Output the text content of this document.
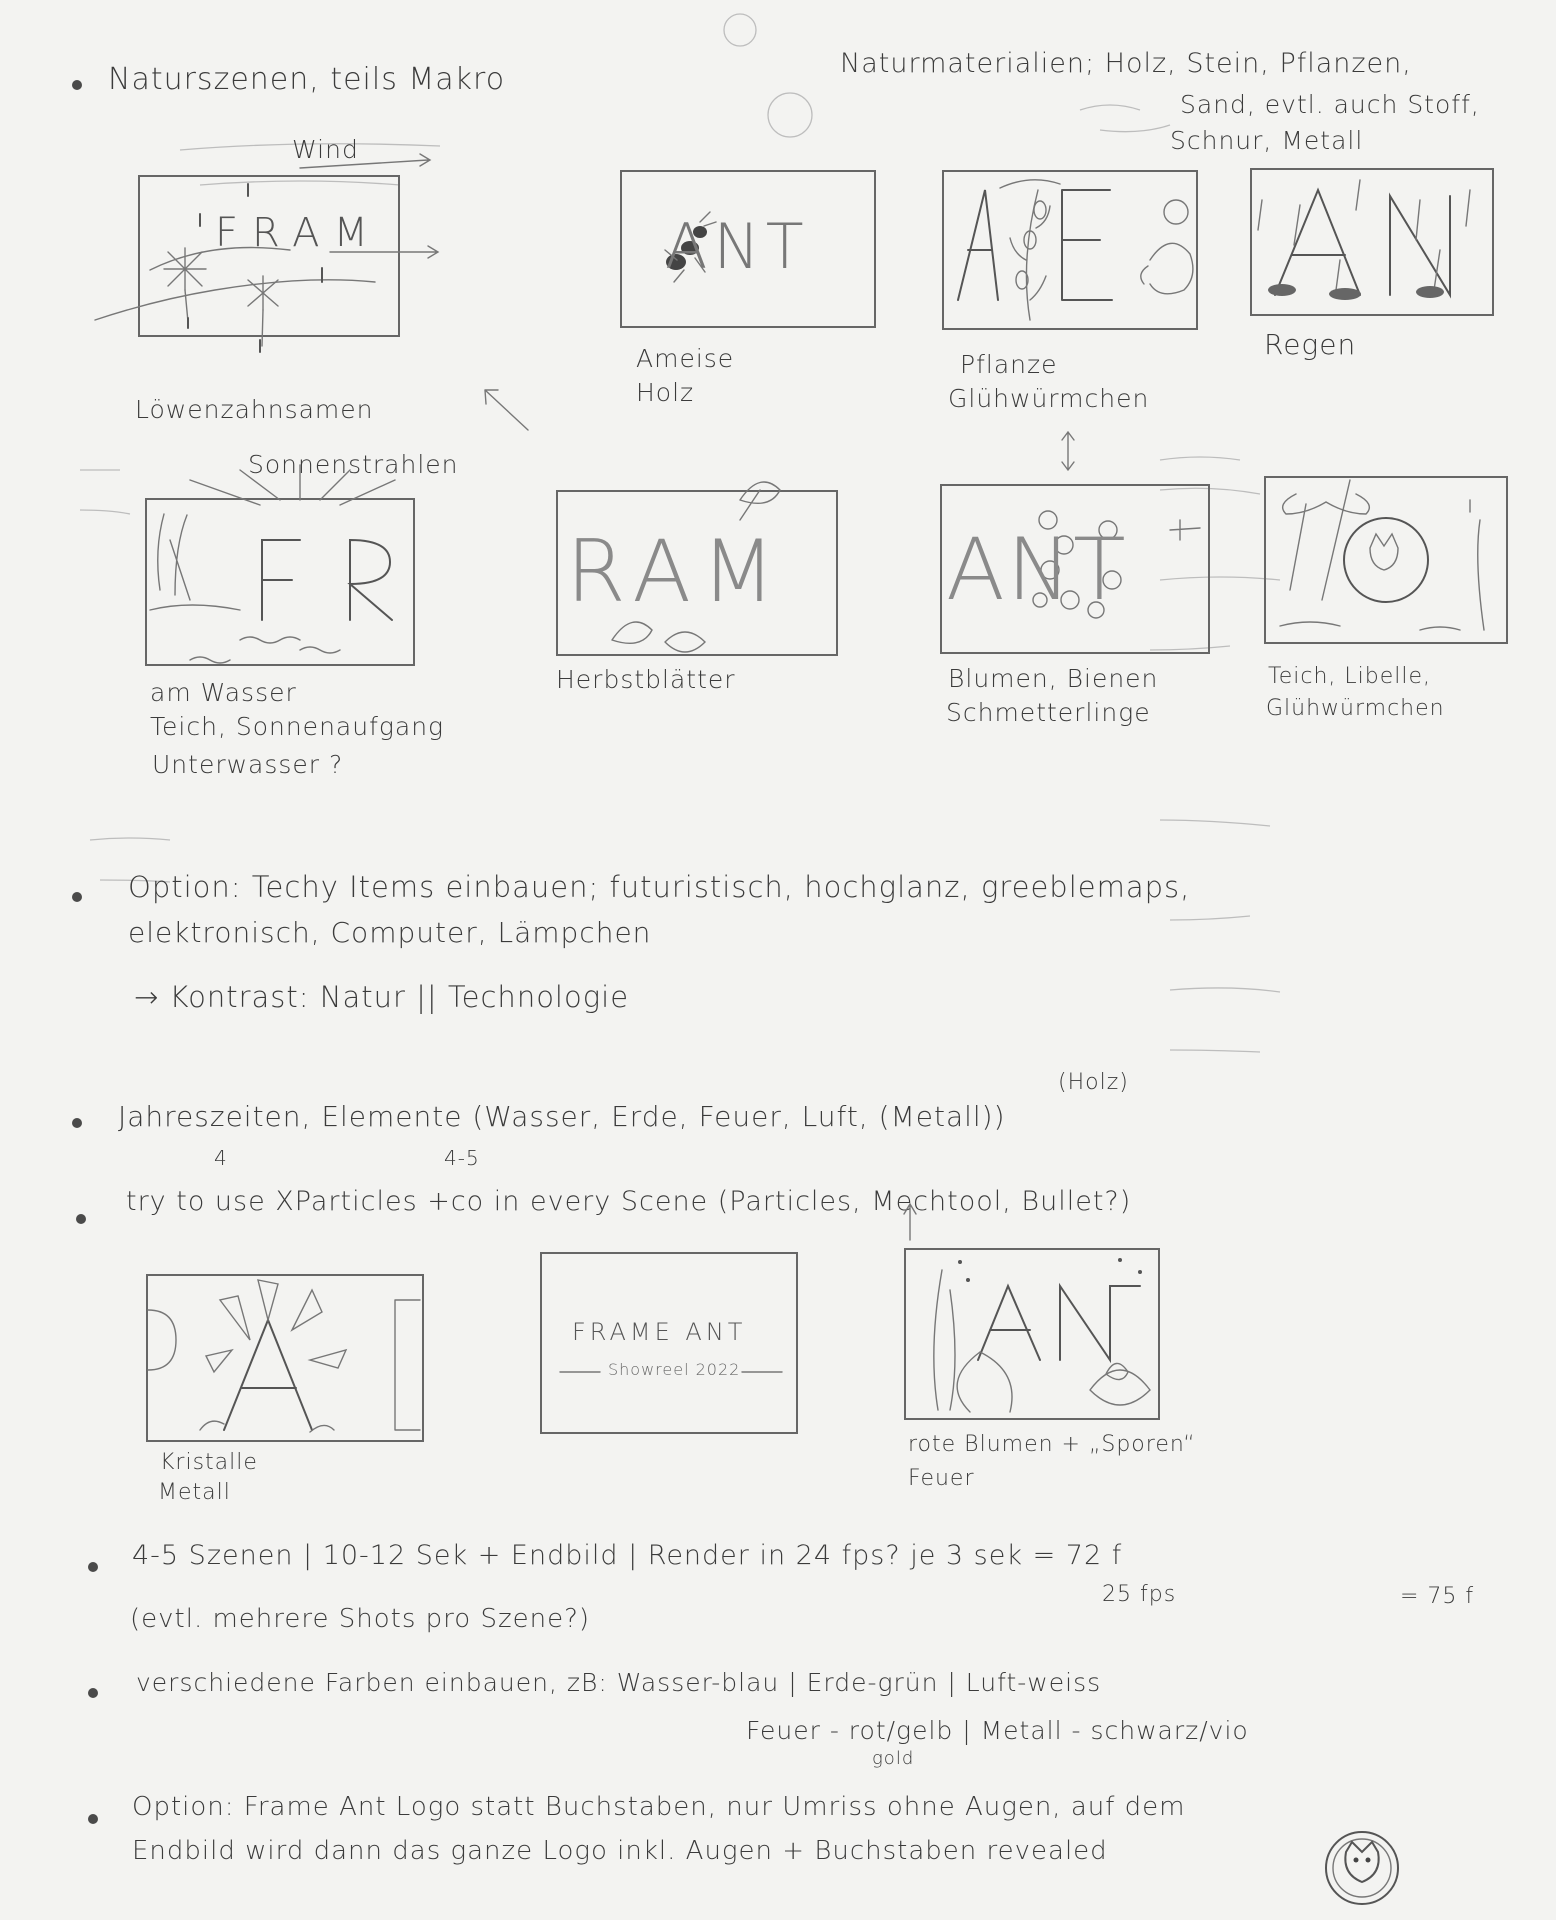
Naturszenen, teils Makro	Naturmaterialien; Holz, Stein, Pflanzen,
Sand, evtl. auch Stoff,
Schnur, Metall
Wind
FRAM
Löwenzahnsamen
ANT
Ameise
Holz
Pflanze
Glühwürmchen
Regen
Sonnenstrahlen
am Wasser
Teich, Sonnenaufgang
Unterwasser ?
RAM
Herbstblätter
ANT
Blumen, Bienen
Schmetterlinge
Teich, Libelle,
Glühwürmchen
Option: Techy Items einbauen; futuristisch, hochglanz, greeblemaps,
elektronisch, Computer, Lämpchen
→ Kontrast: Natur || Technologie
(Holz)
Jahreszeiten, Elemente (Wasser, Erde, Feuer, Luft, (Metall))
4	4-5
try to use XParticles +co in every Scene (Particles, Mechtool, Bullet?)
Kristalle
Metall
FRAME ANT
Showreel 2022
rote Blumen + „Sporen“
Feuer
4-5 Szenen | 10-12 Sek + Endbild | Render in 24 fps? je 3 sek = 72 f
25 fps	= 75 f
(evtl. mehrere Shots pro Szene?)
verschiedene Farben einbauen, zB: Wasser-blau | Erde-grün | Luft-weiss
Feuer - rot/gelb | Metall - schwarz/vio
gold
Option: Frame Ant Logo statt Buchstaben, nur Umriss ohne Augen, auf dem
Endbild wird dann das ganze Logo inkl. Augen + Buchstaben revealed
